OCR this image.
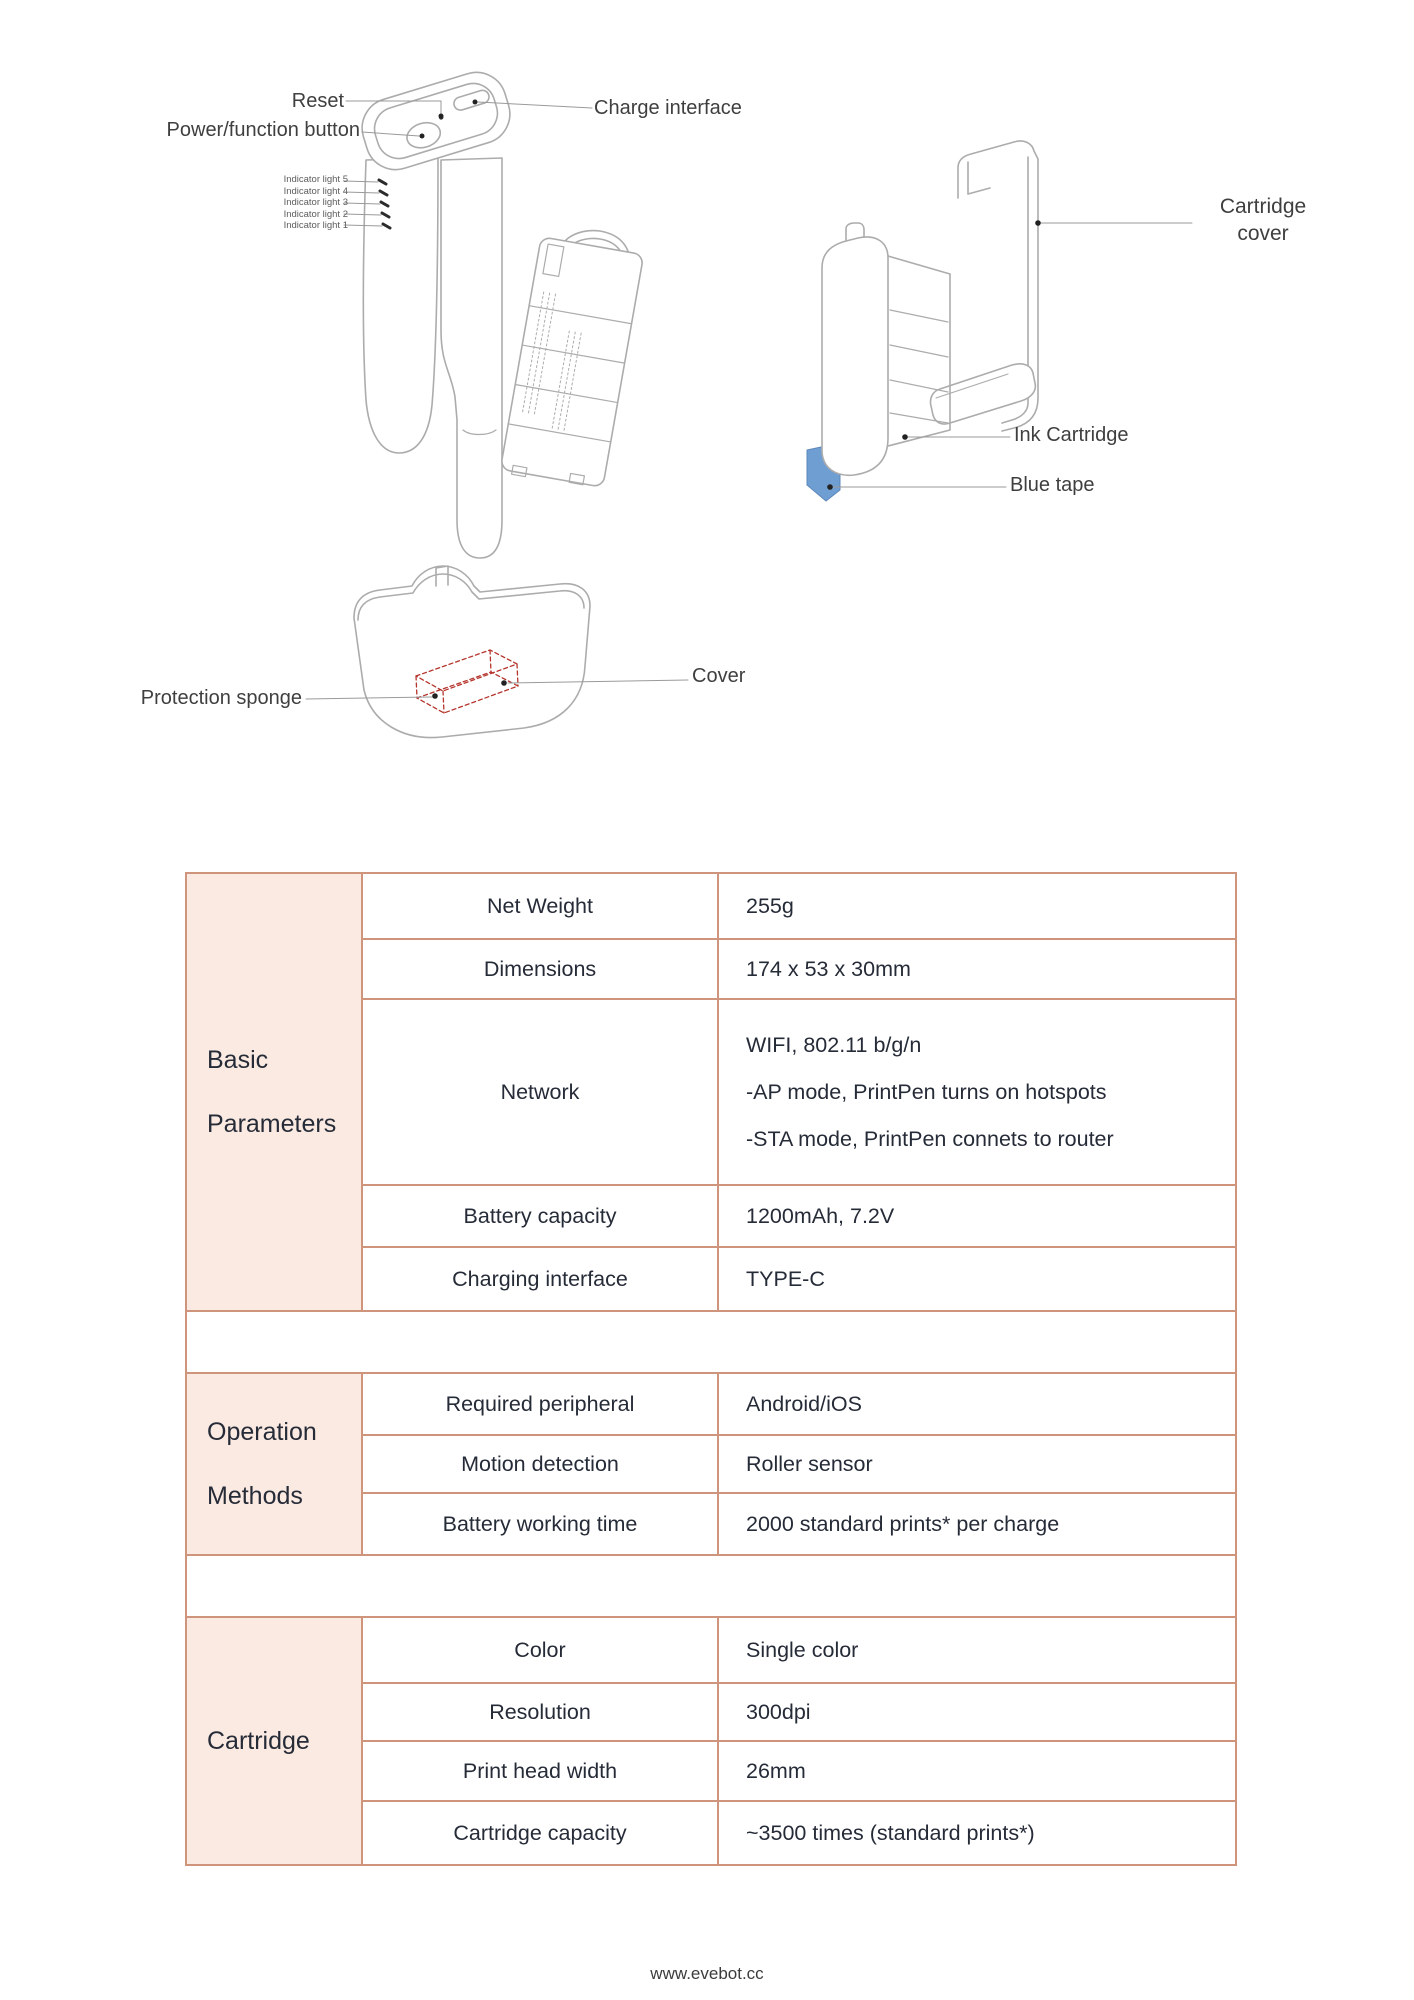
Reset
Power/function button
Charge interface
Indicator light 5
Indicator light 4
Indicator light 3
Indicator light 2
Indicator light 1
Cartridge
cover
Ink Cartridge
Blue tape
Cover
Protection sponge
Basic
Parameters
Net Weight	255g
Dimensions	174 x 53 x 30mm
Network
WIFI, 802.11 b/g/n
-AP mode, PrintPen turns on hotspots
-STA mode, PrintPen connets to router
Battery capacity	1200mAh, 7.2V
Charging interface	TYPE-C
Operation
Methods
Required peripheral	Android/iOS
Motion detection	Roller sensor
Battery working time	2000 standard prints* per charge
Cartridge
Color	Single color
Resolution	300dpi
Print head width	26mm
Cartridge capacity	~3500 times (standard prints*)
www.evebot.cc
